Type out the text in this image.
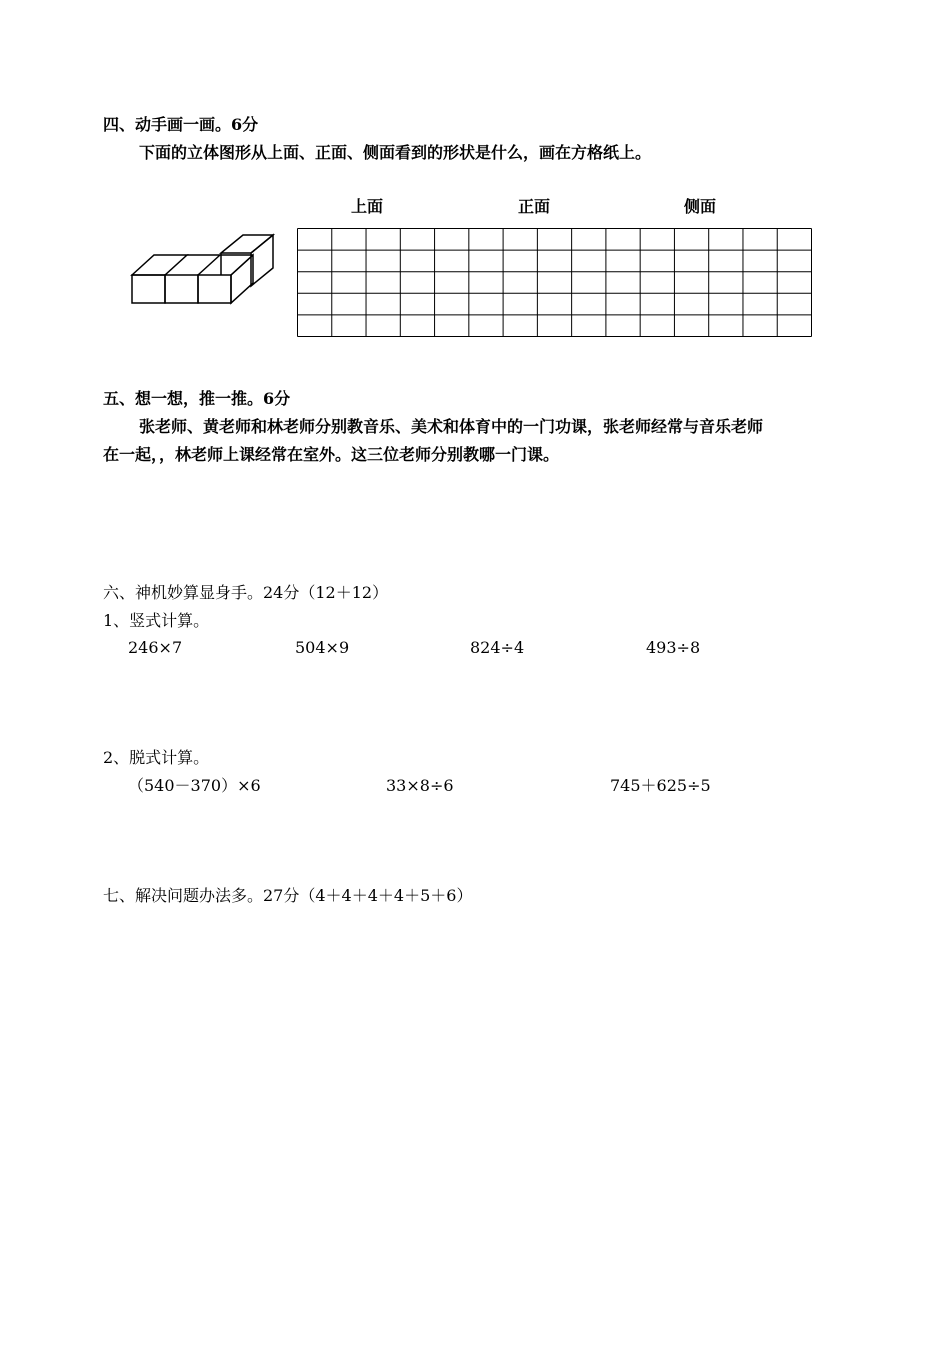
四、动手画一画。6分
下面的立体图形从上面、正面、侧面看到的形状是什么，画在方格纸上。
上面	正面	侧面
五、想一想，推一推。6分
张老师、黄老师和林老师分别教音乐、美术和体育中的一门功课，张老师经常与音乐老师
在一起，，林老师上课经常在室外。这三位老师分别教哪一门课。
六、神机妙算显身手。24分（12＋12）
1、竖式计算。
246×7	504×9	824÷4	493÷8
2、脱式计算。
（540－370）×6	33×8÷6	745＋625÷5
七、解决问题办法多。27分（4＋4＋4＋4＋5＋6）
